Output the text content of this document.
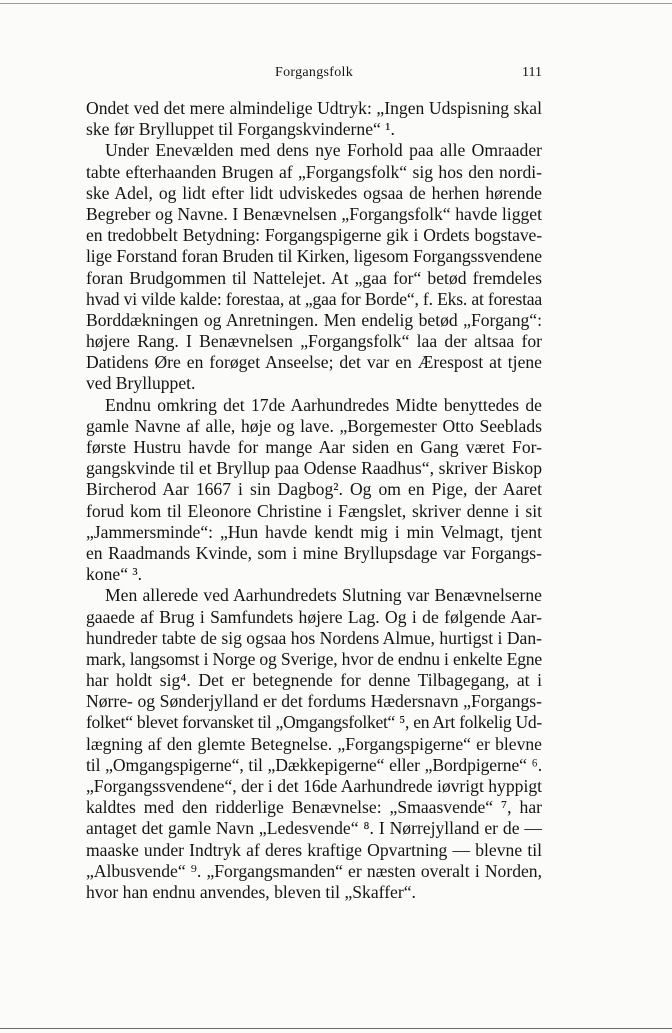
Forgangsfolk	111
Ondet ved det mere almindelige Udtryk: „Ingen Udspisning skal
ske før Brylluppet til Forgangskvinderne“ ¹.
Under Enevælden med dens nye Forhold paa alle Omraader
tabte efterhaanden Brugen af „Forgangsfolk“ sig hos den nordi-
ske Adel, og lidt efter lidt udviskedes ogsaa de herhen hørende
Begreber og Navne. I Benævnelsen „Forgangsfolk“ havde ligget
en tredobbelt Betydning: Forgangspigerne gik i Ordets bogstave-
lige Forstand foran Bruden til Kirken, ligesom Forgangssvendene
foran Brudgommen til Nattelejet. At „gaa for“ betød fremdeles
hvad vi vilde kalde: forestaa, at „gaa for Borde“, f. Eks. at forestaa
Borddækningen og Anretningen. Men endelig betød „Forgang“:
højere Rang. I Benævnelsen „Forgangsfolk“ laa der altsaa for
Datidens Øre en forøget Anseelse; det var en Ærespost at tjene
ved Brylluppet.
Endnu omkring det 17de Aarhundredes Midte benyttedes de
gamle Navne af alle, høje og lave. „Borgemester Otto Seeblads
første Hustru havde for mange Aar siden en Gang været For-
gangskvinde til et Bryllup paa Odense Raadhus“, skriver Biskop
Bircherod Aar 1667 i sin Dagbog². Og om en Pige, der Aaret
forud kom til Eleonore Christine i Fængslet, skriver denne i sit
„Jammersminde“: „Hun havde kendt mig i min Velmagt, tjent
en Raadmands Kvinde, som i mine Bryllupsdage var Forgangs-
kone“ ³.
Men allerede ved Aarhundredets Slutning var Benævnelserne
gaaede af Brug i Samfundets højere Lag. Og i de følgende Aar-
hundreder tabte de sig ogsaa hos Nordens Almue, hurtigst i Dan-
mark, langsomst i Norge og Sverige, hvor de endnu i enkelte Egne
har holdt sig⁴. Det er betegnende for denne Tilbagegang, at i
Nørre- og Sønderjylland er det fordums Hædersnavn „Forgangs-
folket“ blevet forvansket til „Omgangsfolket“ ⁵, en Art folkelig Ud-
lægning af den glemte Betegnelse. „Forgangspigerne“ er blevne
til „Omgangspigerne“, til „Dækkepigerne“ eller „Bordpigerne“ ⁶.
„Forgangssvendene“, der i det 16de Aarhundrede iøvrigt hyppigt
kaldtes med den ridderlige Benævnelse: „Smaasvende“ ⁷, har
antaget det gamle Navn „Ledesvende“ ⁸. I Nørrejylland er de —
maaske under Indtryk af deres kraftige Opvartning — blevne til
„Albusvende“ ⁹. „Forgangsmanden“ er næsten overalt i Norden,
hvor han endnu anvendes, bleven til „Skaffer“.
